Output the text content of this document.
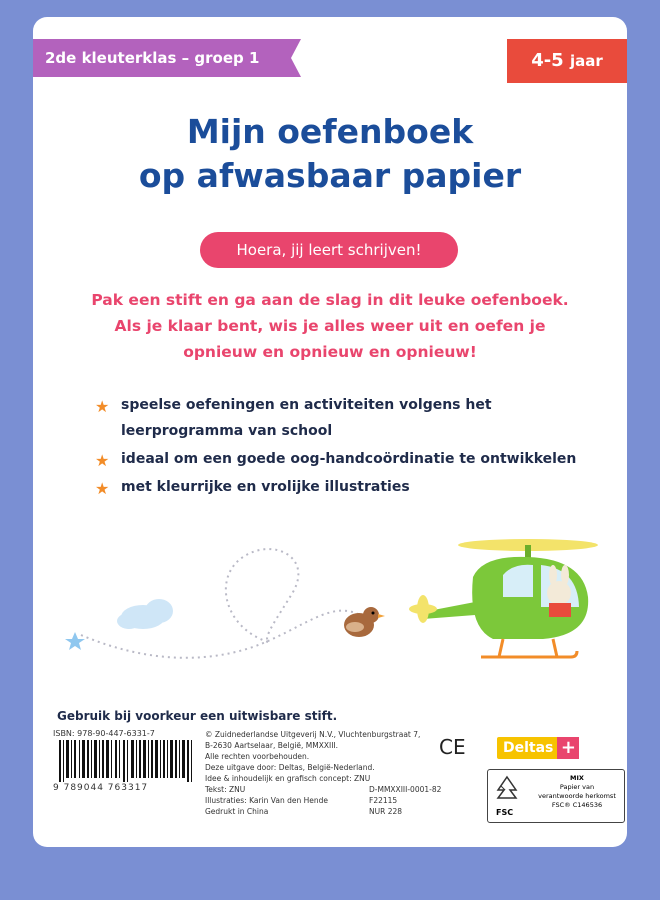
2de kleuterklas – groep 1	4-5 jaar
Mijn oefenboek
op afwasbaar papier
Hoera, jij leert schrijven!
Pak een stift en ga aan de slag in dit leuke oefenboek.
Als je klaar bent, wis je alles weer uit en oefen je
opnieuw en opnieuw en opnieuw!
★ speelse oefeningen en activiteiten volgens het
leerprogramma van school
★ ideaal om een goede oog-handcoördinatie te ontwikkelen
★ met kleurrijke en vrolijke illustraties
Gebruik bij voorkeur een uitwisbare stift.
ISBN: 978-90-447-6331-7
9 789044 763317
© Zuidnederlandse Uitgeverij N.V., Vluchtenburgstraat 7,
B-2630 Aartselaar, België, MMXXIII.
Alle rechten voorbehouden.
Deze uitgave door: Deltas, België-Nederland.
Idee & inhoudelijk en grafisch concept: ZNU
Tekst: ZNU
Illustraties: Karin Van den Hende
Gedrukt in China
D-MMXXIII-0001-82
F22115
NUR 228
CE	Deltas +
FSC
MIX
Papier van
verantwoorde herkomst
FSC® C146536
